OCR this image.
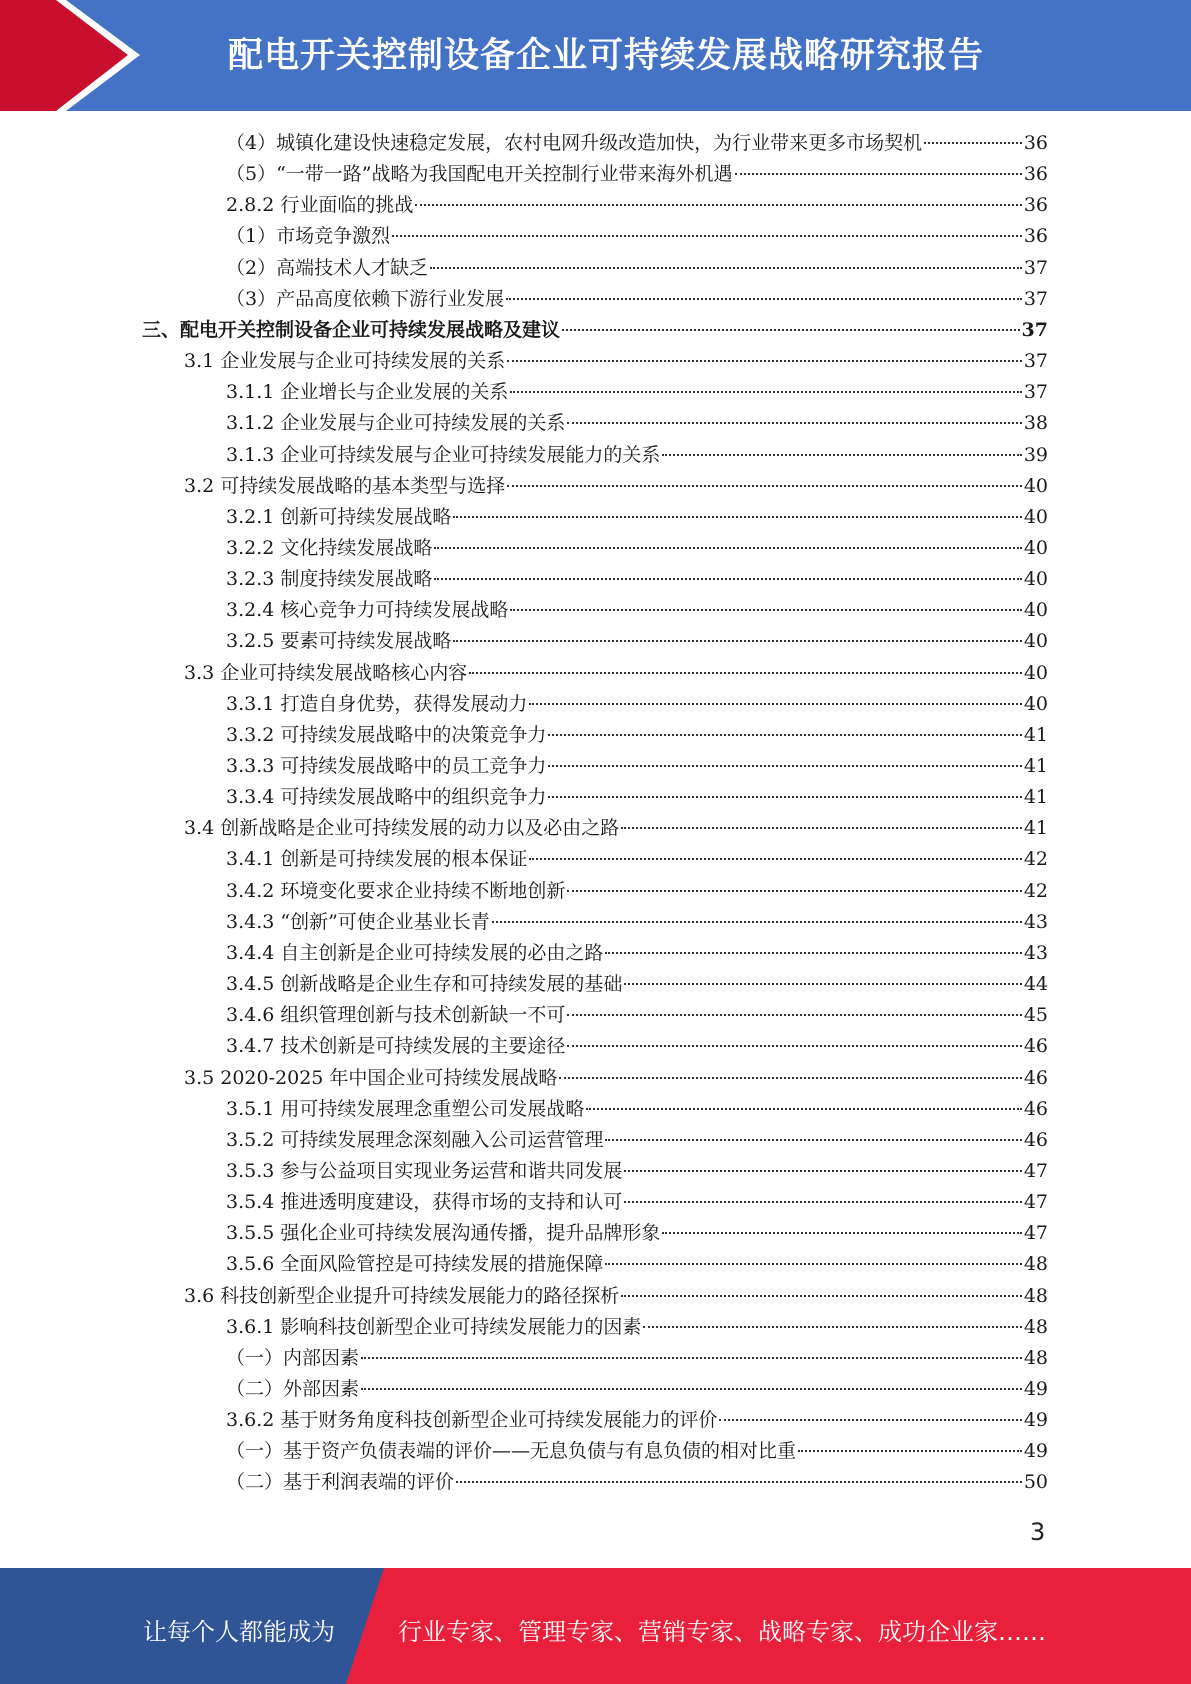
配电开关控制设备企业可持续发展战略研究报告
（4）城镇化建设快速稳定发展，农村电网升级改造加快，为行业带来更多市场契机	36
（5）“一带一路”战略为我国配电开关控制行业带来海外机遇	36
2.8.2 行业面临的挑战	36
（1）市场竞争激烈	36
（2）高端技术人才缺乏	37
（3）产品高度依赖下游行业发展	37
三、配电开关控制设备企业可持续发展战略及建议	37
3.1 企业发展与企业可持续发展的关系	37
3.1.1 企业增长与企业发展的关系	37
3.1.2 企业发展与企业可持续发展的关系	38
3.1.3 企业可持续发展与企业可持续发展能力的关系	39
3.2 可持续发展战略的基本类型与选择	40
3.2.1 创新可持续发展战略	40
3.2.2 文化持续发展战略	40
3.2.3 制度持续发展战略	40
3.2.4 核心竞争力可持续发展战略	40
3.2.5 要素可持续发展战略	40
3.3 企业可持续发展战略核心内容	40
3.3.1 打造自身优势，获得发展动力	40
3.3.2 可持续发展战略中的决策竞争力	41
3.3.3 可持续发展战略中的员工竞争力	41
3.3.4 可持续发展战略中的组织竞争力	41
3.4 创新战略是企业可持续发展的动力以及必由之路	41
3.4.1 创新是可持续发展的根本保证	42
3.4.2 环境变化要求企业持续不断地创新	42
3.4.3 “创新”可使企业基业长青	43
3.4.4 自主创新是企业可持续发展的必由之路	43
3.4.5 创新战略是企业生存和可持续发展的基础	44
3.4.6 组织管理创新与技术创新缺一不可	45
3.4.7 技术创新是可持续发展的主要途径	46
3.5 2020-2025 年中国企业可持续发展战略	46
3.5.1 用可持续发展理念重塑公司发展战略	46
3.5.2 可持续发展理念深刻融入公司运营管理	46
3.5.3 参与公益项目实现业务运营和谐共同发展	47
3.5.4 推进透明度建设，获得市场的支持和认可	47
3.5.5 强化企业可持续发展沟通传播，提升品牌形象	47
3.5.6 全面风险管控是可持续发展的措施保障	48
3.6 科技创新型企业提升可持续发展能力的路径探析	48
3.6.1 影响科技创新型企业可持续发展能力的因素	48
（一）内部因素	48
（二）外部因素	49
3.6.2 基于财务角度科技创新型企业可持续发展能力的评价	49
（一）基于资产负债表端的评价——无息负债与有息负债的相对比重	49
（二）基于利润表端的评价	50
3
让每个人都能成为	行业专家、管理专家、营销专家、战略专家、成功企业家……
